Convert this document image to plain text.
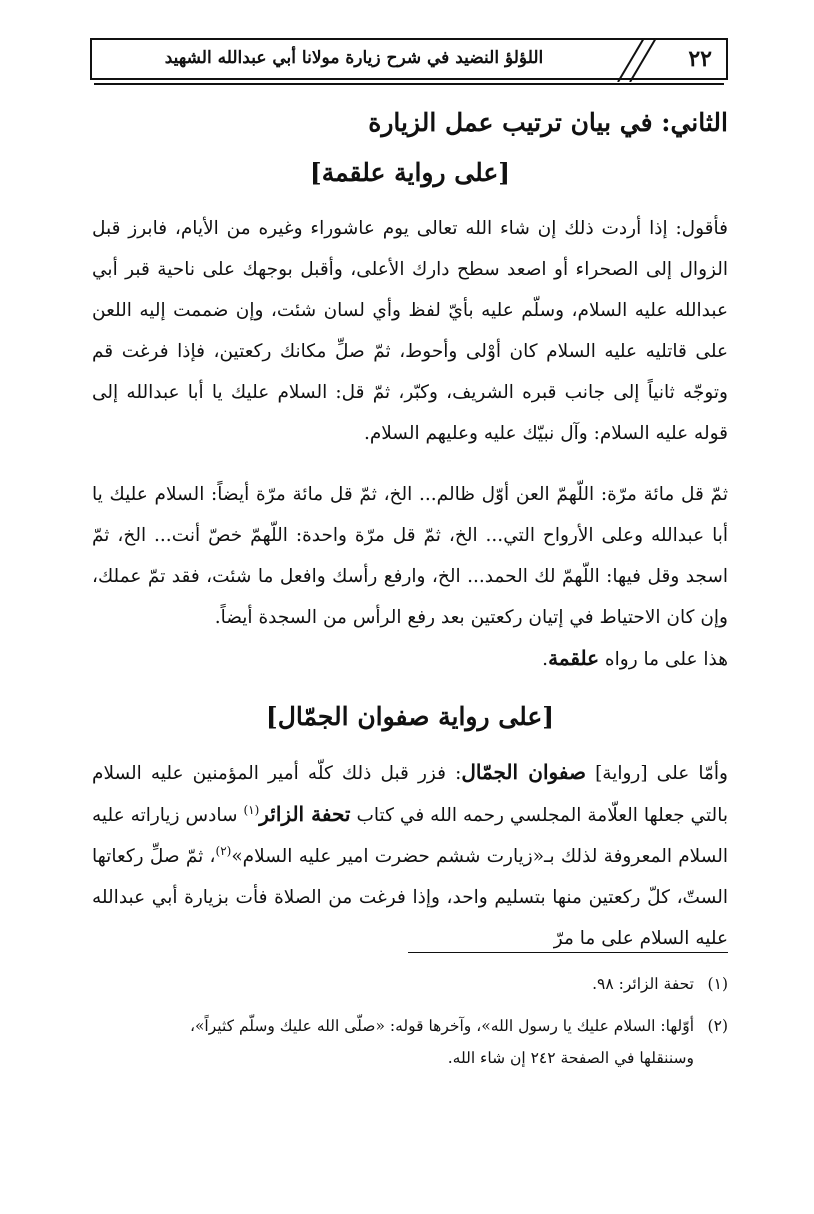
٢٢
اللؤلؤ النضيد في شرح زيارة مولانا أبي عبدالله الشهيد
الثاني: في بيان ترتيب عمل الزيارة
[على رواية علقمة]

فأقول: إذا أردت ذلك إن شاء الله تعالى يوم عاشوراء وغيره من الأيام، فابرز قبل الزوال إلى الصحراء أو اصعد سطح دارك الأعلى، وأقبل بوجهك على ناحية قبر أبي عبدالله عليه السلام، وسلّم عليه بأيّ لفظ وأي لسان شئت، وإن ضممت إليه اللعن على قاتليه عليه السلام كان أوْلى وأحوط، ثمّ صلِّ مكانك ركعتين، فإذا فرغت قم وتوجّه ثانياً إلى جانب قبره الشريف، وكبّر، ثمّ قل: السلام عليك يا أبا عبدالله إلى قوله عليه السلام: وآل نبيّك عليه وعليهم السلام.

ثمّ قل مائة مرّة: اللّهمّ العن أوّل ظالم... الخ، ثمّ قل مائة مرّة أيضاً: السلام عليك يا أبا عبدالله وعلى الأرواح التي... الخ، ثمّ قل مرّة واحدة: اللّهمّ خصّ أنت... الخ، ثمّ اسجد وقل فيها: اللّهمّ لك الحمد... الخ، وارفع رأسك وافعل ما شئت، فقد تمّ عملك، وإن كان الاحتياط في إتيان ركعتين بعد رفع الرأس من السجدة أيضاً.

هذا على ما رواه علقمة.

[على رواية صفوان الجمّال]

وأمّا على [رواية] صفوان الجمّال: فزر قبل ذلك كلّه أمير المؤمنين عليه السلام بالتي جعلها العلّامة المجلسي رحمه الله في كتاب تحفة الزائر$^{(١)}$ سادس زياراته عليه السلام المعروفة لذلك بـ«زيارت ششم حضرت امير عليه السلام»$^{(٢)}$، ثمّ صلِّ ركعاتها الستّ، كلّ ركعتين منها بتسليم واحد، وإذا فرغت من الصلاة فأت بزيارة أبي عبدالله عليه السلام على ما مرّ

(١)تحفة الزائر: ٩٨.
(٢)أوّلها: السلام عليك يا رسول الله»، وآخرها قوله: «صلّى الله عليك وسلّم كثيراً»،
وسننقلها في الصفحة ٢٤٢ إن شاء الله.
